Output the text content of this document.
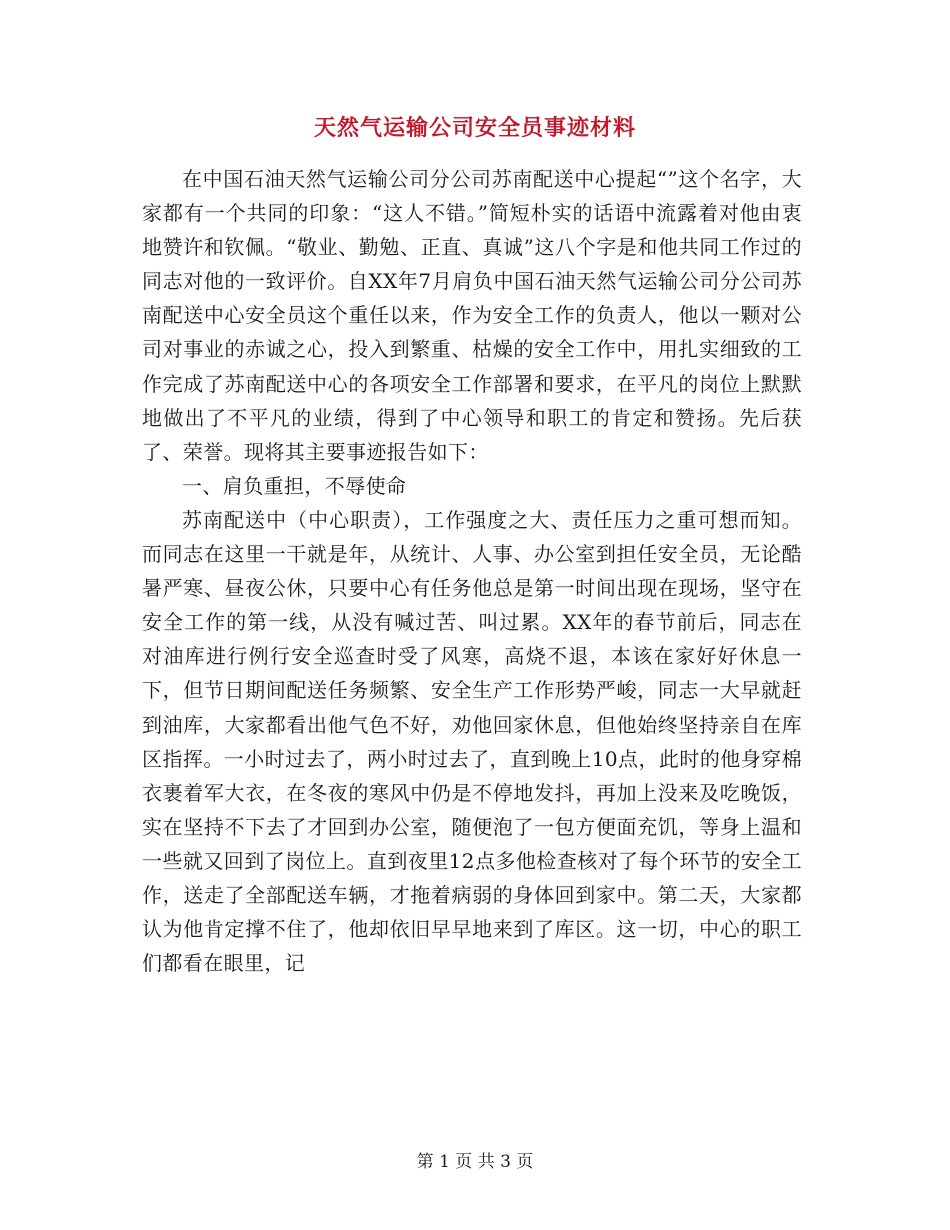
天然气运输公司安全员事迹材料

在中国石油天然气运输公司分公司苏南配送中心提起“”这个名字，大家都有一个共同的印象：“这人不错。”简短朴实的话语中流露着对他由衷地赞许和钦佩。“敬业、勤勉、正直、真诚”这八个字是和他共同工作过的同志对他的一致评价。自XX年7月肩负中国石油天然气运输公司分公司苏南配送中心安全员这个重任以来，作为安全工作的负责人，他以一颗对公司对事业的赤诚之心，投入到繁重、枯燥的安全工作中，用扎实细致的工作完成了苏南配送中心的各项安全工作部署和要求，在平凡的岗位上默默地做出了不平凡的业绩，得到了中心领导和职工的肯定和赞扬。先后获了、荣誉。现将其主要事迹报告如下：

一、肩负重担，不辱使命

苏南配送中（中心职责），工作强度之大、责任压力之重可想而知。而同志在这里一干就是年，从统计、人事、办公室到担任安全员，无论酷暑严寒、昼夜公休，只要中心有任务他总是第一时间出现在现场，坚守在安全工作的第一线，从没有喊过苦、叫过累。XX年的春节前后，同志在对油库进行例行安全巡查时受了风寒，高烧不退，本该在家好好休息一下，但节日期间配送任务频繁、安全生产工作形势严峻，同志一大早就赶到油库，大家都看出他气色不好，劝他回家休息，但他始终坚持亲自在库区指挥。一小时过去了，两小时过去了，直到晚上10点，此时的他身穿棉衣裹着军大衣，在冬夜的寒风中仍是不停地发抖，再加上没来及吃晚饭，实在坚持不下去了才回到办公室，随便泡了一包方便面充饥，等身上温和一些就又回到了岗位上。直到夜里12点多他检查核对了每个环节的安全工作，送走了全部配送车辆，才拖着病弱的身体回到家中。第二天，大家都认为他肯定撑不住了，他却依旧早早地来到了库区。这一切，中心的职工们都看在眼里，记

第 1 页 共 3 页
